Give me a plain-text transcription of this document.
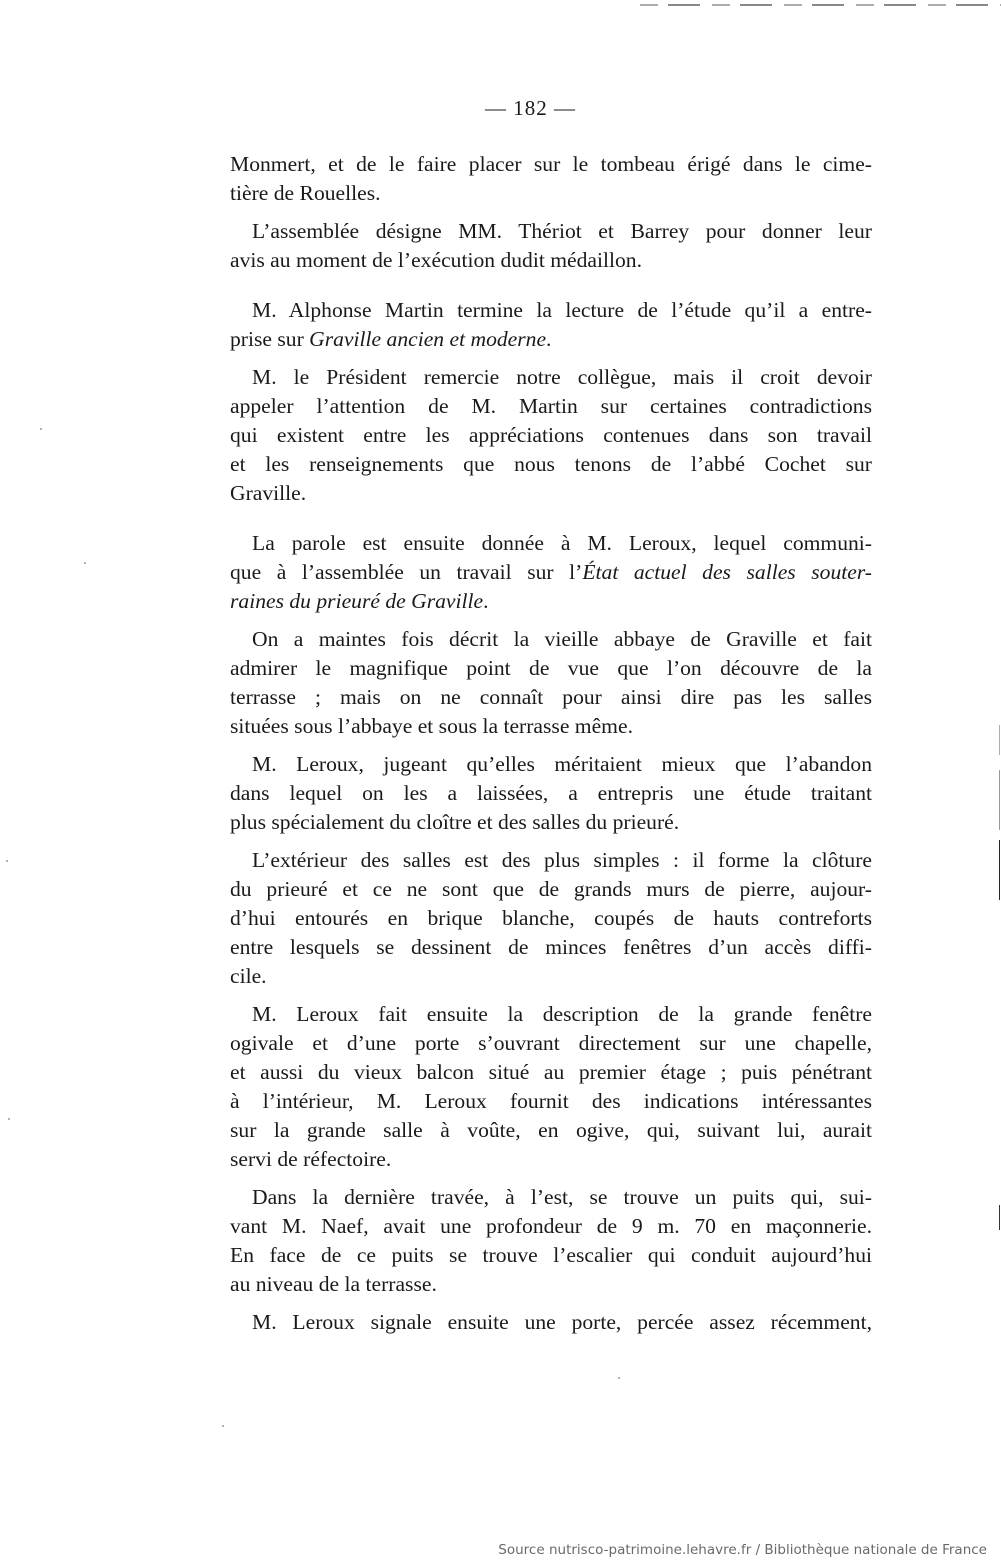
— 182 —

Monmert, et de le faire placer sur le tombeau érigé dans le cime-
tière de Rouelles.

L’assemblée désigne MM. Thériot et Barrey pour donner leur
avis au moment de l’exécution dudit médaillon.

M. Alphonse Martin termine la lecture de l’étude qu’il a entre-
prise sur Graville ancien et moderne.

M. le Président remercie notre collègue, mais il croit devoir
appeler l’attention de M. Martin sur certaines contradictions
qui existent entre les appréciations contenues dans son travail
et les renseignements que nous tenons de l’abbé Cochet sur
Graville.

La parole est ensuite donnée à M. Leroux, lequel communi-
que à l’assemblée un travail sur l’État actuel des salles souter-
raines du prieuré de Graville.

On a maintes fois décrit la vieille abbaye de Graville et fait
admirer le magnifique point de vue que l’on découvre de la
terrasse ; mais on ne connaît pour ainsi dire pas les salles
situées sous l’abbaye et sous la terrasse même.

M. Leroux, jugeant qu’elles méritaient mieux que l’abandon
dans lequel on les a laissées, a entrepris une étude traitant
plus spécialement du cloître et des salles du prieuré.

L’extérieur des salles est des plus simples : il forme la clôture
du prieuré et ce ne sont que de grands murs de pierre, aujour-
d’hui entourés en brique blanche, coupés de hauts contreforts
entre lesquels se dessinent de minces fenêtres d’un accès diffi-
cile.

M. Leroux fait ensuite la description de la grande fenêtre
ogivale et d’une porte s’ouvrant directement sur une chapelle,
et aussi du vieux balcon situé au premier étage ; puis pénétrant
à l’intérieur, M. Leroux fournit des indications intéressantes
sur la grande salle à voûte, en ogive, qui, suivant lui, aurait
servi de réfectoire.

Dans la dernière travée, à l’est, se trouve un puits qui, sui-
vant M. Naef, avait une profondeur de 9 m. 70 en maçonnerie.
En face de ce puits se trouve l’escalier qui conduit aujourd’hui
au niveau de la terrasse.

M. Leroux signale ensuite une porte, percée assez récemment,

Source nutrisco-patrimoine.lehavre.fr / Bibliothèque nationale de France
